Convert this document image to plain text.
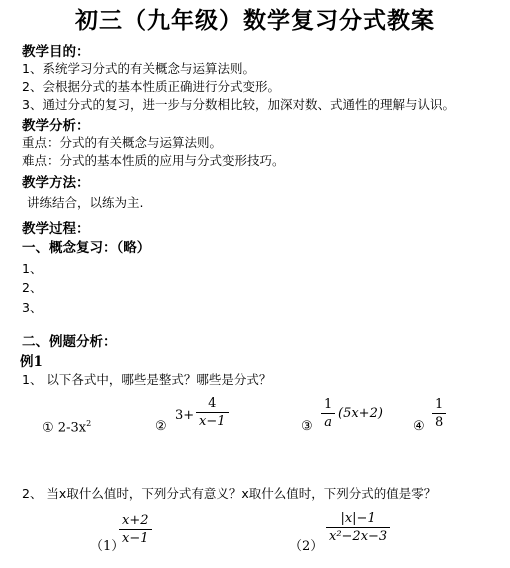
初三（九年级）数学复习分式教案
教学目的：
1、系统学习分式的有关概念与运算法则。
2、会根据分式的基本性质正确进行分式变形。
3、通过分式的复习，进一步与分数相比较，加深对数、式通性的理解与认识。
教学分析：
重点：分式的有关概念与运算法则。
难点：分式的基本性质的应用与分式变形技巧。
教学方法：
讲练结合，以练为主.
教学过程：
一、概念复习：（略）
1、
2、
3、
二、例题分析：
例1
1、 以下各式中，哪些是整式？哪些是分式？
① $2-3x^2$	②
$3+ \frac{4}{x-1}$	③ $\frac{1}{a} (5x+2)$
④ $\frac{1}{8}$
2、 当x取什么值时，下列分式有意义？x取什么值时，下列分式的值是零？
（1）
$\frac{x+2}{x-1}$
（2）
$\frac{|x|-1}{\text{x²−2x−3}}$
